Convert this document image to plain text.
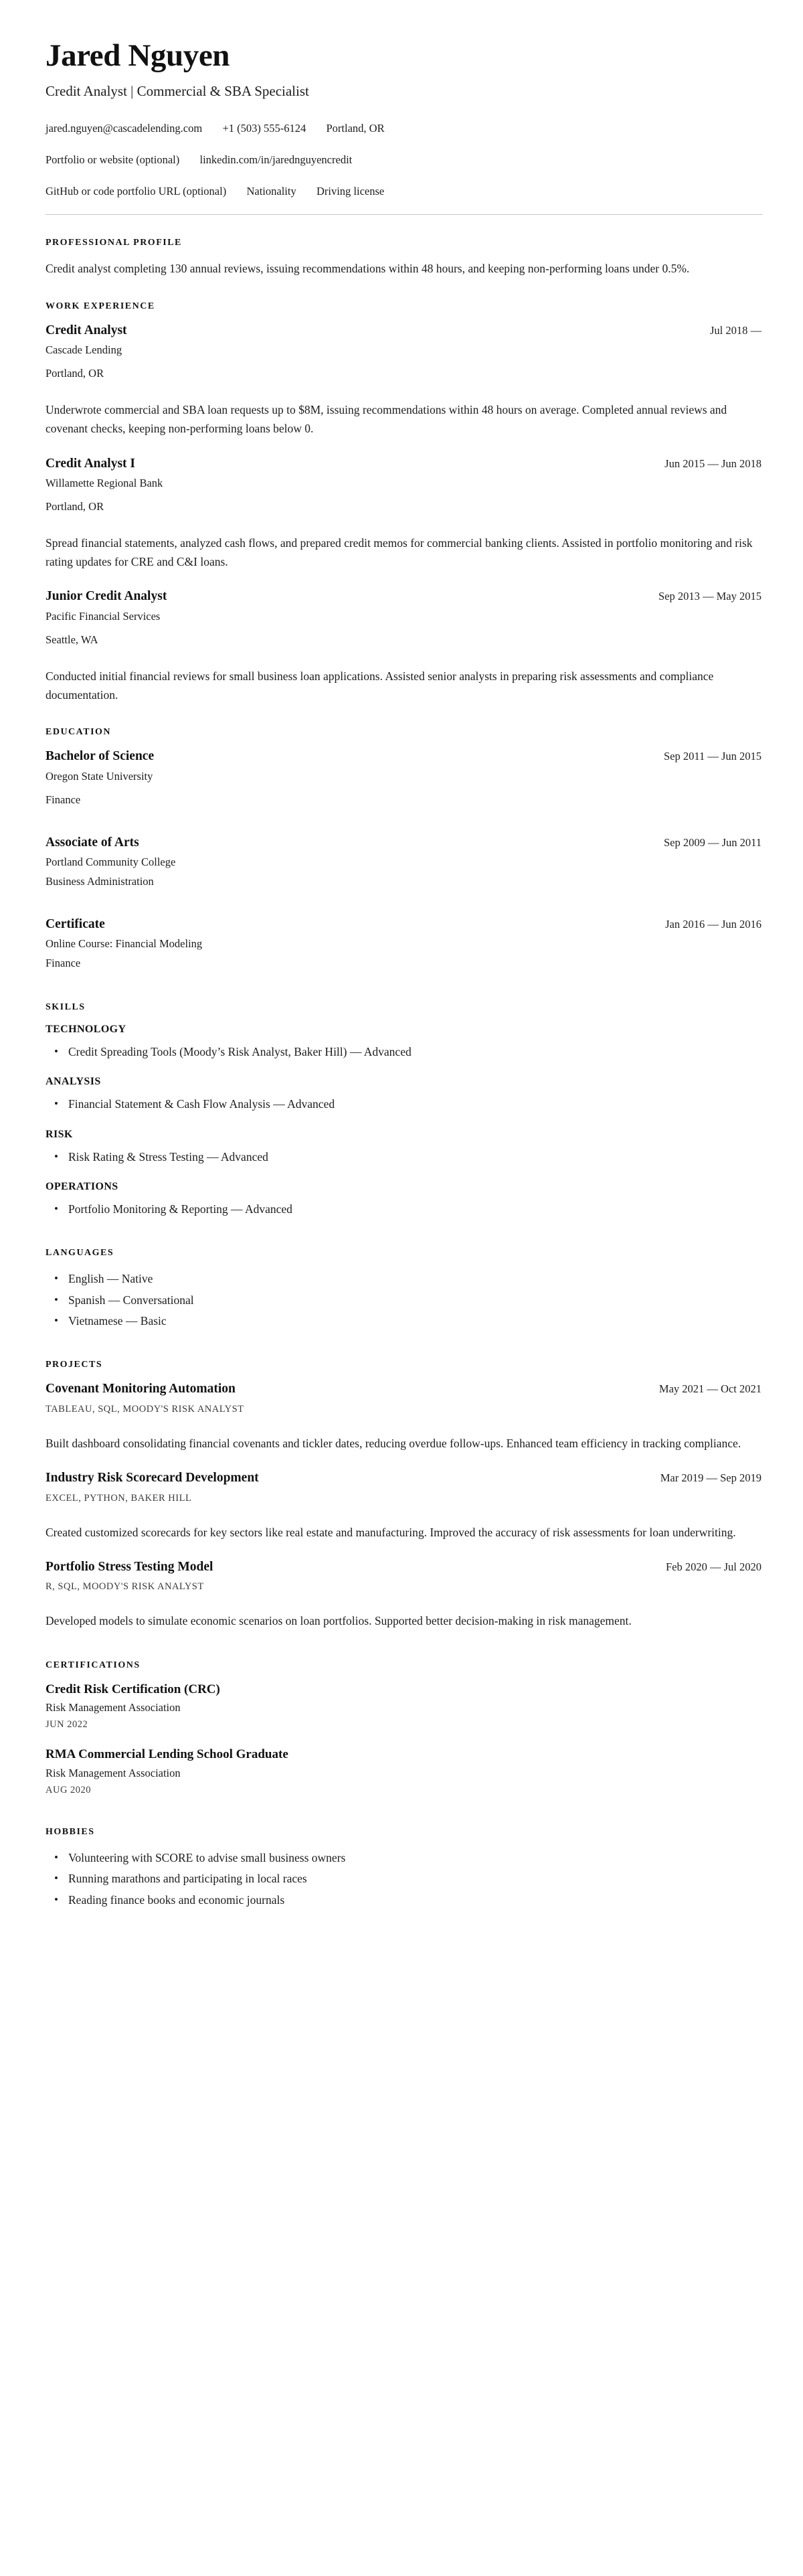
Jared Nguyen
Credit Analyst | Commercial & SBA Specialist
jared.nguyen@cascadelending.com +1 (503) 555-6124 Portland, OR
Portfolio or website (optional) linkedin.com/in/jarednguyencredit
GitHub or code portfolio URL (optional) Nationality Driving license
PROFESSIONAL PROFILE

Credit analyst completing 130 annual reviews, issuing recommendations within 48 hours, and keeping non-performing loans under 0.5%.

WORK EXPERIENCE
Credit Analyst	Jul 2018 —
Cascade Lending
Portland, OR

Underwrote commercial and SBA loan requests up to $8M, issuing recommendations within 48 hours on average. Completed annual reviews and covenant checks, keeping non-performing loans below 0.

Credit Analyst I	Jun 2015 — Jun 2018
Willamette Regional Bank
Portland, OR

Spread financial statements, analyzed cash flows, and prepared credit memos for commercial banking clients. Assisted in portfolio monitoring and risk rating updates for CRE and C&I loans.

Junior Credit Analyst	Sep 2013 — May 2015
Pacific Financial Services
Seattle, WA

Conducted initial financial reviews for small business loan applications. Assisted senior analysts in preparing risk assessments and compliance documentation.

EDUCATION
Bachelor of Science	Sep 2011 — Jun 2015
Oregon State University
Finance
Associate of Arts	Sep 2009 — Jun 2011
Portland Community College
Business Administration
Certificate	Jan 2016 — Jun 2016
Online Course: Financial Modeling
Finance
SKILLS
TECHNOLOGY
• Credit Spreading Tools (Moody’s Risk Analyst, Baker Hill) — Advanced
ANALYSIS
• Financial Statement & Cash Flow Analysis — Advanced
RISK
• Risk Rating & Stress Testing — Advanced
OPERATIONS
• Portfolio Monitoring & Reporting — Advanced
LANGUAGES
• English — Native
• Spanish — Conversational
• Vietnamese — Basic
PROJECTS
Covenant Monitoring Automation	May 2021 — Oct 2021
TABLEAU, SQL, MOODY'S RISK ANALYST

Built dashboard consolidating financial covenants and tickler dates, reducing overdue follow-ups. Enhanced team efficiency in tracking compliance.

Industry Risk Scorecard Development	Mar 2019 — Sep 2019
EXCEL, PYTHON, BAKER HILL

Created customized scorecards for key sectors like real estate and manufacturing. Improved the accuracy of risk assessments for loan underwriting.

Portfolio Stress Testing Model	Feb 2020 — Jul 2020
R, SQL, MOODY'S RISK ANALYST

Developed models to simulate economic scenarios on loan portfolios. Supported better decision-making in risk management.

CERTIFICATIONS
Credit Risk Certification (CRC)
Risk Management Association
JUN 2022
RMA Commercial Lending School Graduate
Risk Management Association
AUG 2020
HOBBIES
• Volunteering with SCORE to advise small business owners
• Running marathons and participating in local races
• Reading finance books and economic journals
